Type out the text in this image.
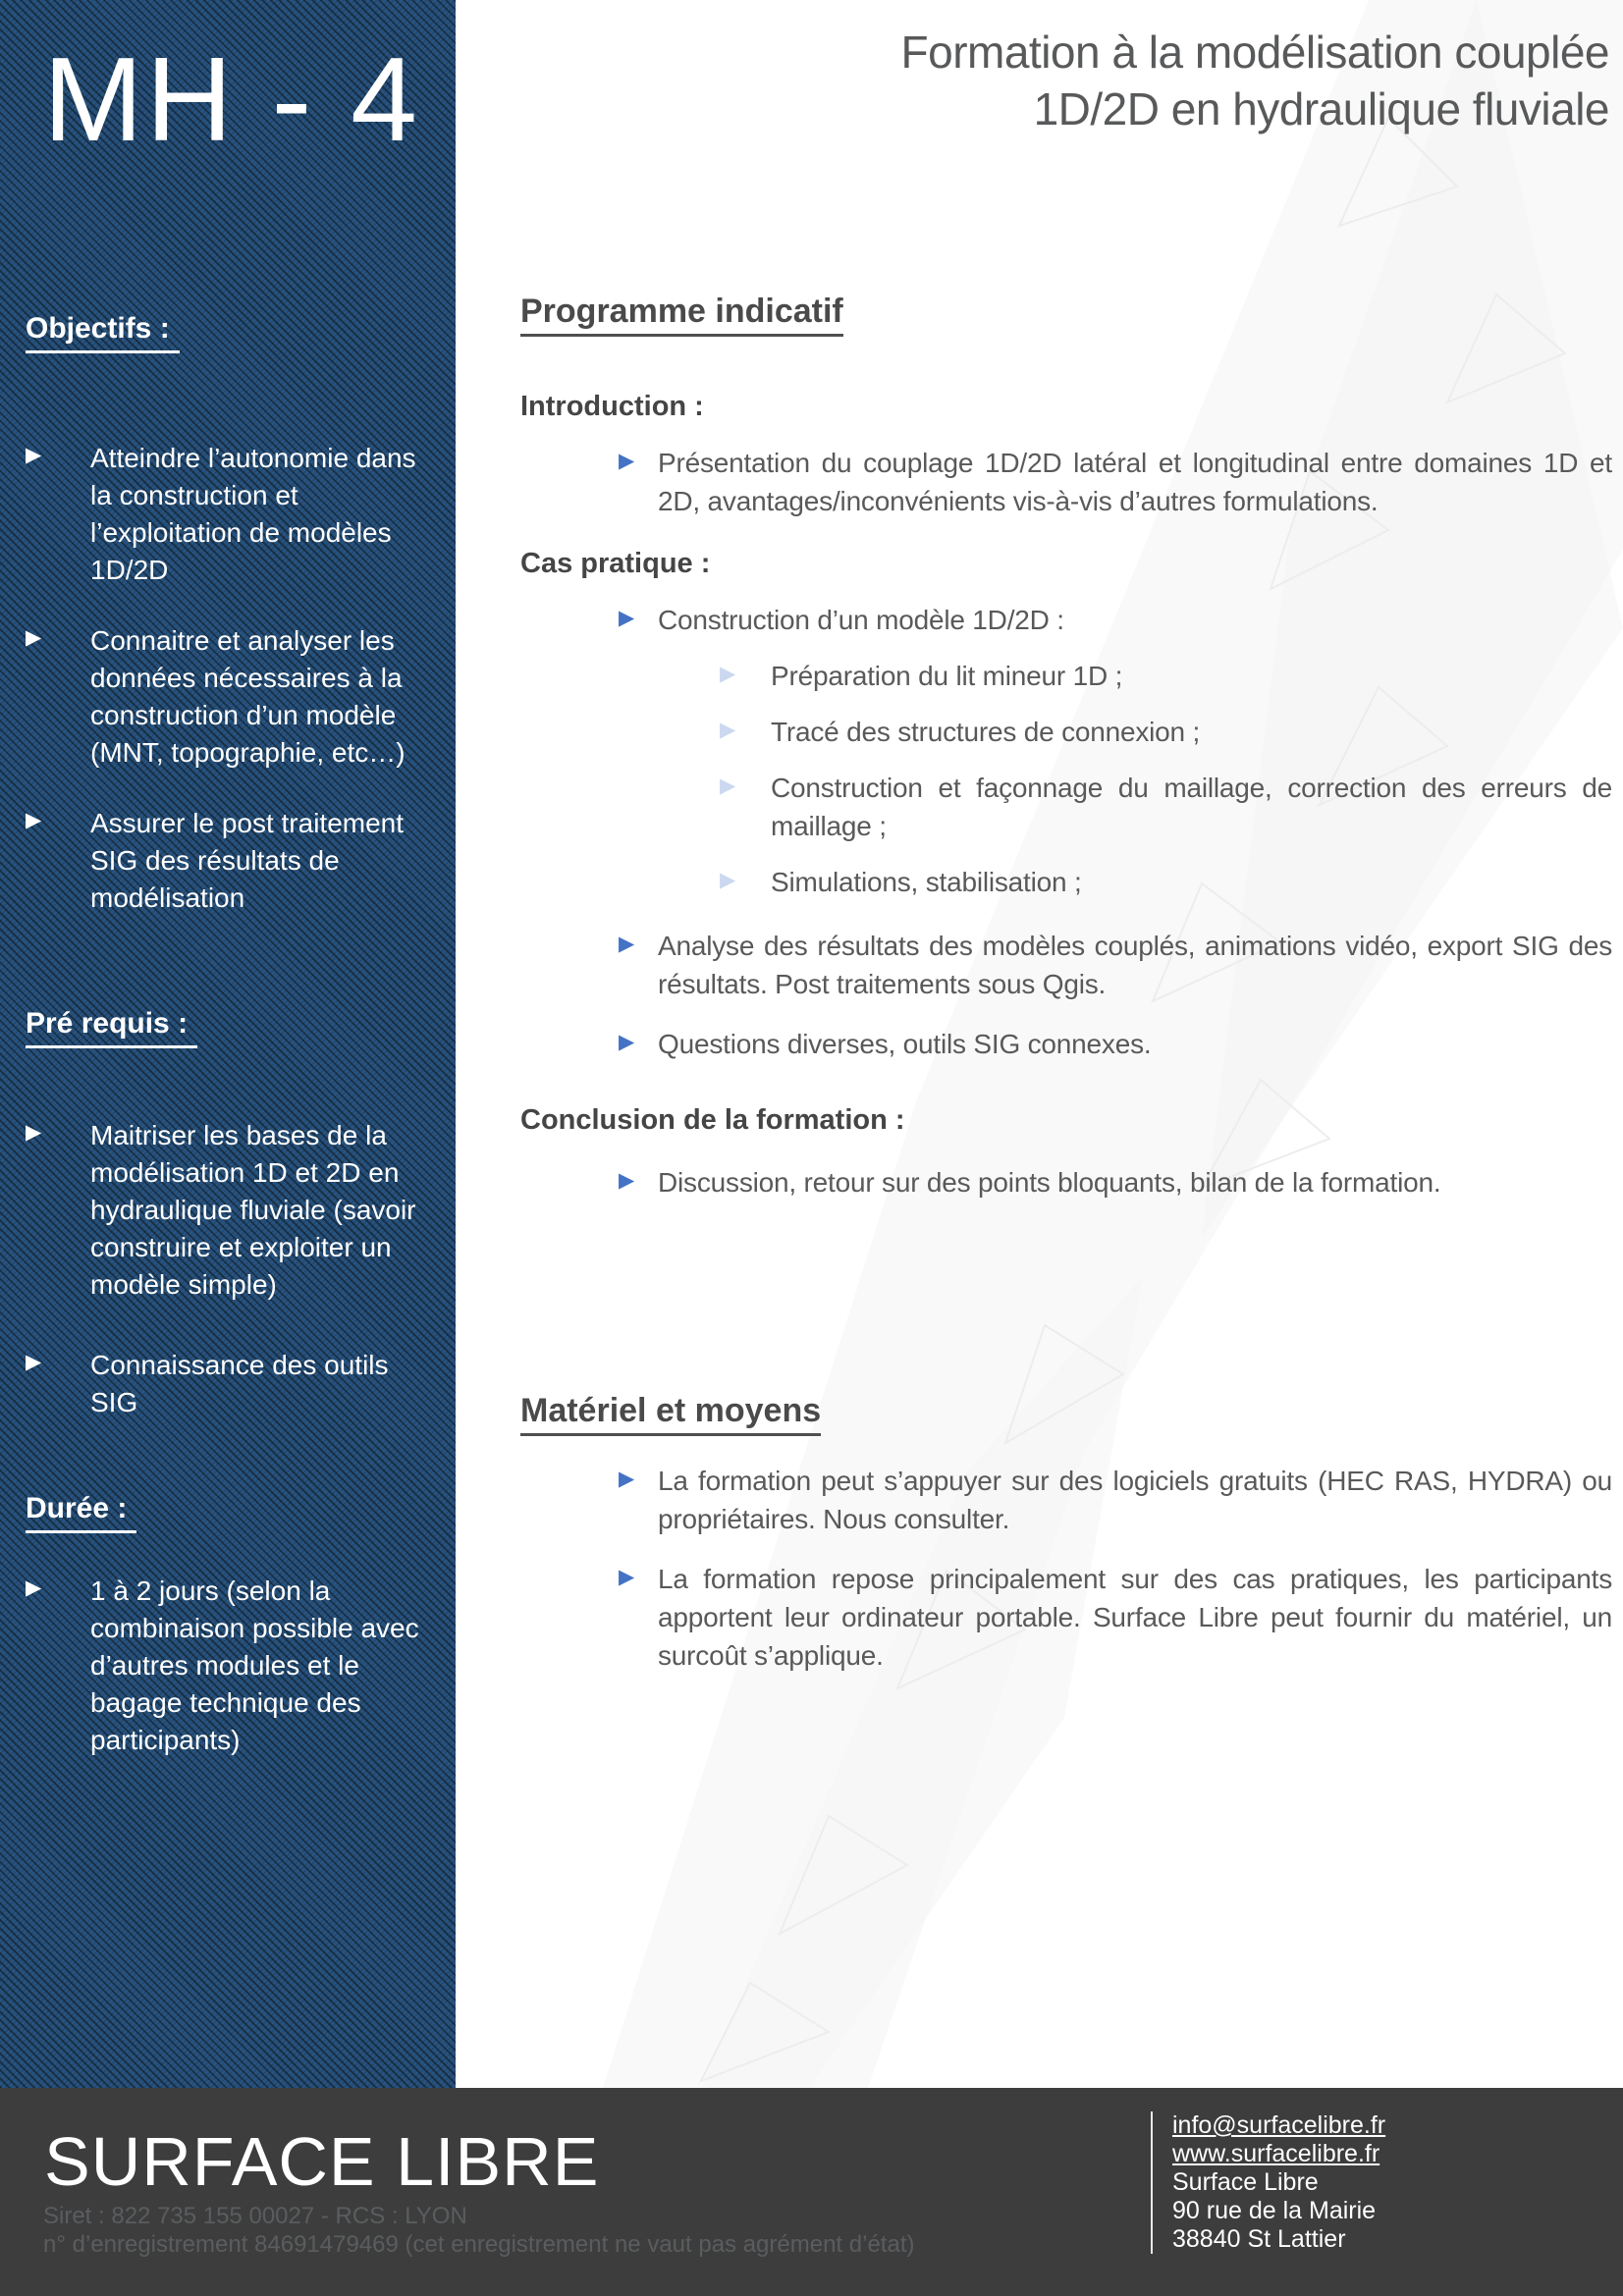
MH - 4
Objectifs :
▶ Atteindre l’autonomie dans la construction et l’exploitation de modèles 1D/2D
▶ Connaitre et analyser les données nécessaires à la construction d’un modèle (MNT, topographie, etc…)
▶ Assurer le post traitement SIG des résultats de modélisation
Pré requis :
▶ Maitriser les bases de la modélisation 1D et 2D en hydraulique fluviale (savoir construire et exploiter un modèle simple)
▶ Connaissance des outils SIG
Durée :
▶ 1 à 2 jours (selon la combinaison possible avec d’autres modules et le bagage technique des participants)
Formation à la modélisation couplée
1D/2D en hydraulique fluviale
Programme indicatif
Introduction :
▶ Présentation du couplage 1D/2D latéral et longitudinal entre domaines 1D et 2D, avantages/inconvénients vis-à-vis d’autres formulations.
Cas pratique :
▶ Construction d’un modèle 1D/2D :
▶ Préparation du lit mineur 1D ;
▶ Tracé des structures de connexion ;
▶ Construction et façonnage du maillage, correction des erreurs de maillage ;
▶ Simulations, stabilisation ;
▶ Analyse des résultats des modèles couplés, animations vidéo, export SIG des résultats. Post traitements sous Qgis.
▶ Questions diverses, outils SIG connexes.
Conclusion de la formation :
▶ Discussion, retour sur des points bloquants, bilan de la formation.
Matériel et moyens
▶ La formation peut s’appuyer sur des logiciels gratuits (HEC RAS, HYDRA) ou propriétaires. Nous consulter.
▶ La formation repose principalement sur des cas pratiques, les participants apportent leur ordinateur portable. Surface Libre peut fournir du matériel, un surcoût s’applique.
SURFACE LIBRE
Siret : 822 735 155 00027 - RCS : LYON
n° d’enregistrement 84691479469 (cet enregistrement ne vaut pas agrément d’état)
info@surfacelibre.fr
www.surfacelibre.fr
Surface Libre
90 rue de la Mairie
38840 St Lattier
